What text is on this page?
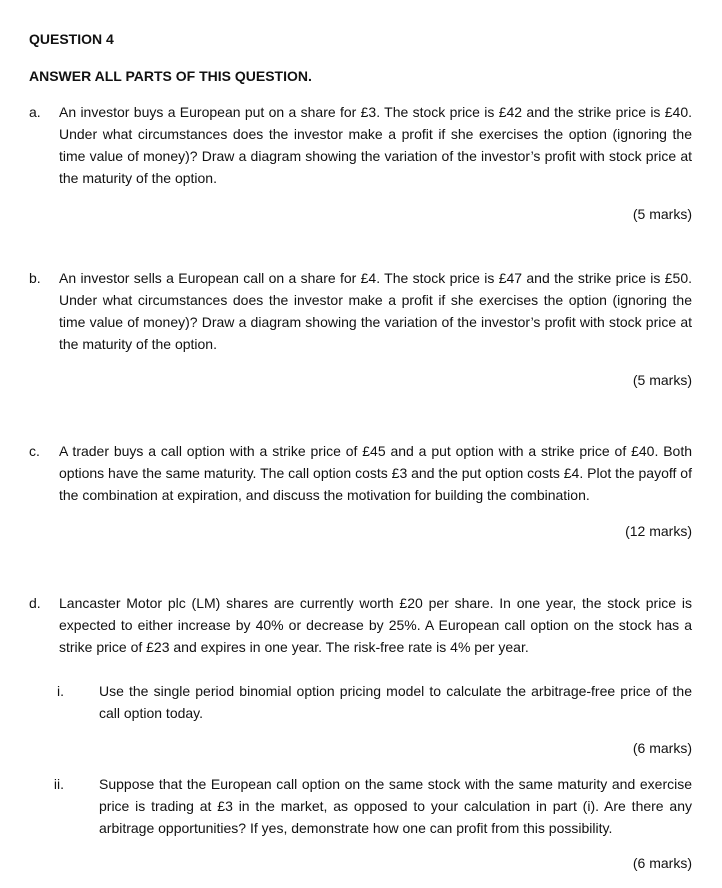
QUESTION 4
ANSWER ALL PARTS OF THIS QUESTION.
a.	An investor buys a European put on a share for £3. The stock price is £42 and the strike price is £40. Under what circumstances does the investor make a profit if she exercises the option (ignoring the time value of money)? Draw a diagram showing the variation of the investor’s profit with stock price at the maturity of the option.
(5 marks)
b.	An investor sells a European call on a share for £4. The stock price is £47 and the strike price is £50. Under what circumstances does the investor make a profit if she exercises the option (ignoring the time value of money)? Draw a diagram showing the variation of the investor’s profit with stock price at the maturity of the option.
(5 marks)
c.	A trader buys a call option with a strike price of £45 and a put option with a strike price of £40. Both options have the same maturity. The call option costs £3 and the put option costs £4. Plot the payoff of the combination at expiration, and discuss the motivation for building the combination.
(12 marks)
d.	Lancaster Motor plc (LM) shares are currently worth £20 per share. In one year, the stock price is expected to either increase by 40% or decrease by 25%. A European call option on the stock has a strike price of £23 and expires in one year. The risk-free rate is 4% per year.
i.	Use the single period binomial option pricing model to calculate the arbitrage-free price of the call option today.
(6 marks)
ii.	Suppose that the European call option on the same stock with the same maturity and exercise price is trading at £3 in the market, as opposed to your calculation in part (i). Are there any arbitrage opportunities? If yes, demonstrate how one can profit from this possibility.
(6 marks)
